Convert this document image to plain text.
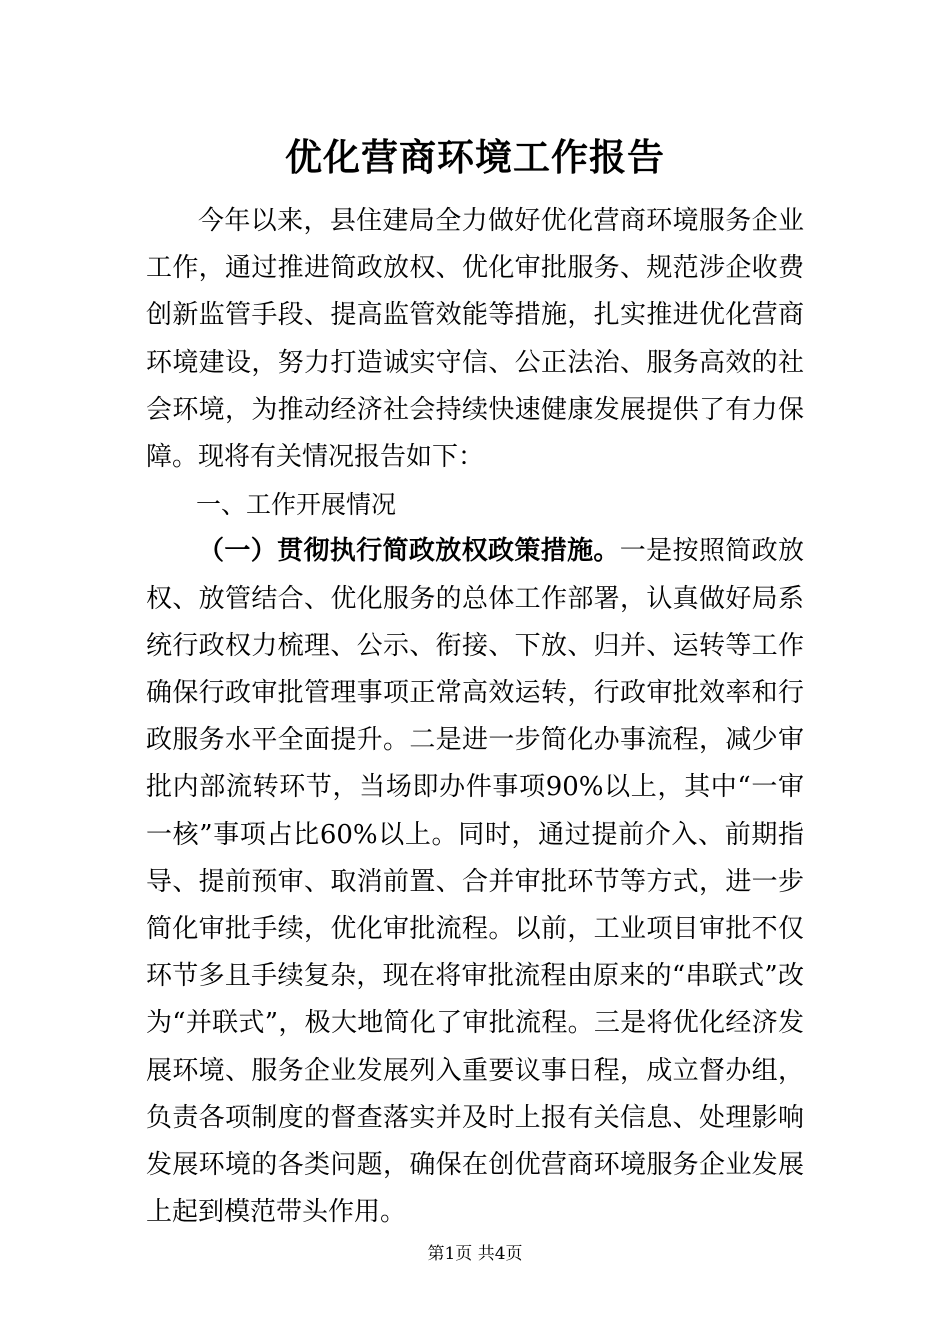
优化营商环境工作报告

今年以来，县住建局全力做好优化营商环境服务企业工作，通过推进简政放权、优化审批服务、规范涉企收费创新监管手段、提高监管效能等措施，扎实推进优化营商环境建设，努力打造诚实守信、公正法治、服务高效的社会环境，为推动经济社会持续快速健康发展提供了有力保障。现将有关情况报告如下：

一、工作开展情况

（一）贯彻执行简政放权政策措施。一是按照简政放权、放管结合、优化服务的总体工作部署，认真做好局系统行政权力梳理、公示、衔接、下放、归并、运转等工作确保行政审批管理事项正常高效运转，行政审批效率和行政服务水平全面提升。二是进一步简化办事流程，减少审批内部流转环节，当场即办件事项90%以上，其中“一审一核”事项占比60%以上。同时，通过提前介入、前期指导、提前预审、取消前置、合并审批环节等方式，进一步简化审批手续，优化审批流程。以前，工业项目审批不仅环节多且手续复杂，现在将审批流程由原来的“串联式”改为“并联式”，极大地简化了审批流程。三是将优化经济发展环境、服务企业发展列入重要议事日程，成立督办组，负责各项制度的督查落实并及时上报有关信息、处理影响发展环境的各类问题，确保在创优营商环境服务企业发展上起到模范带头作用。

第1页 共4页
